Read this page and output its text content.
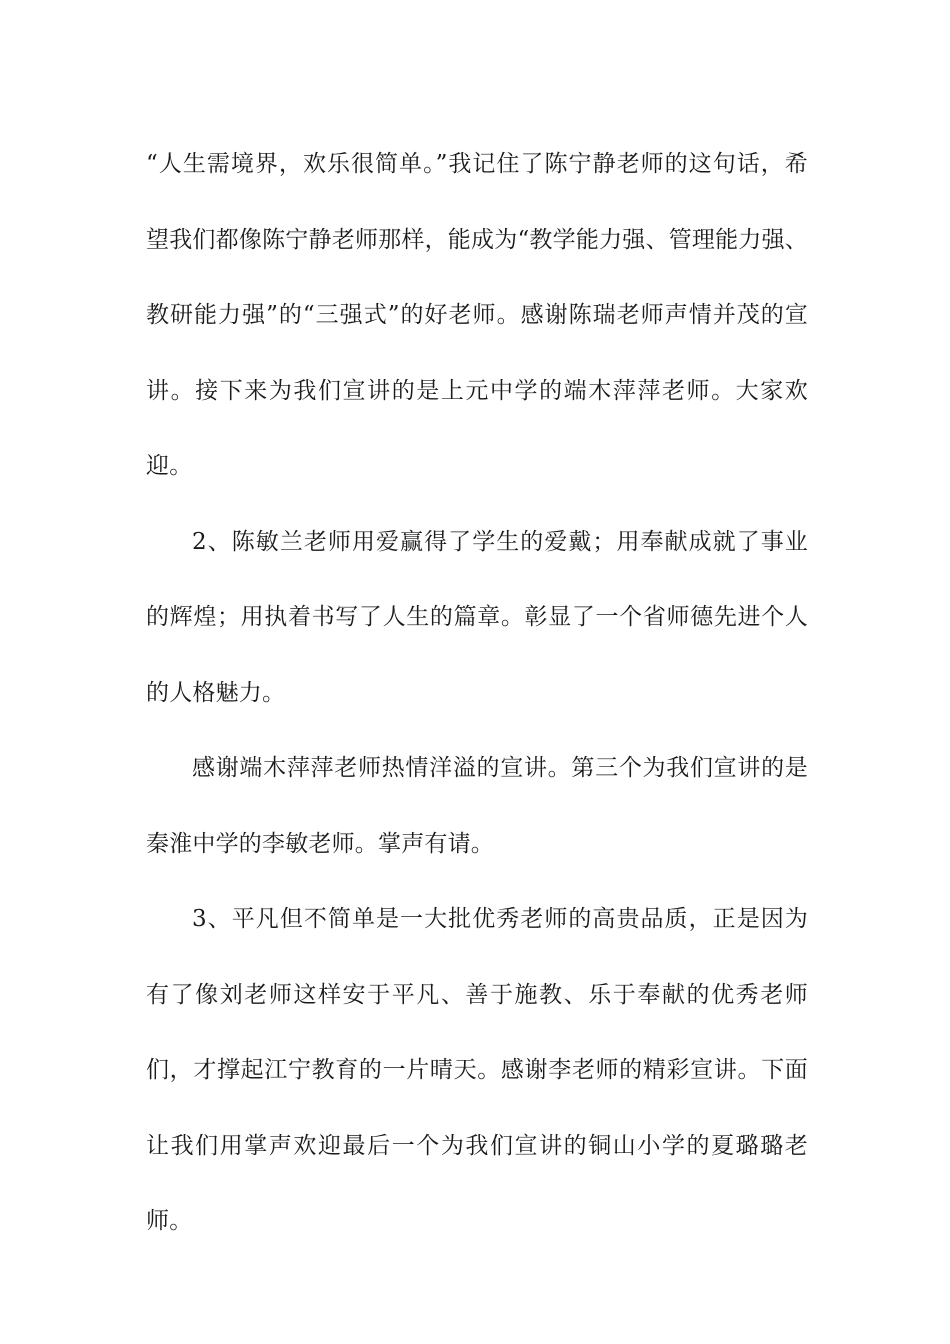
“人生需境界，欢乐很简单。”我记住了陈宁静老师的这句话，希望我们都像陈宁静老师那样，能成为“教学能力强、管理能力强、教研能力强”的“三强式”的好老师。感谢陈瑞老师声情并茂的宣讲。接下来为我们宣讲的是上元中学的端木萍萍老师。大家欢迎。

2、陈敏兰老师用爱赢得了学生的爱戴；用奉献成就了事业的辉煌；用执着书写了人生的篇章。彰显了一个省师德先进个人的人格魅力。

感谢端木萍萍老师热情洋溢的宣讲。第三个为我们宣讲的是秦淮中学的李敏老师。掌声有请。

3、平凡但不简单是一大批优秀老师的高贵品质，正是因为有了像刘老师这样安于平凡、善于施教、乐于奉献的优秀老师们，才撑起江宁教育的一片晴天。感谢李老师的精彩宣讲。下面让我们用掌声欢迎最后一个为我们宣讲的铜山小学的夏璐璐老师。
